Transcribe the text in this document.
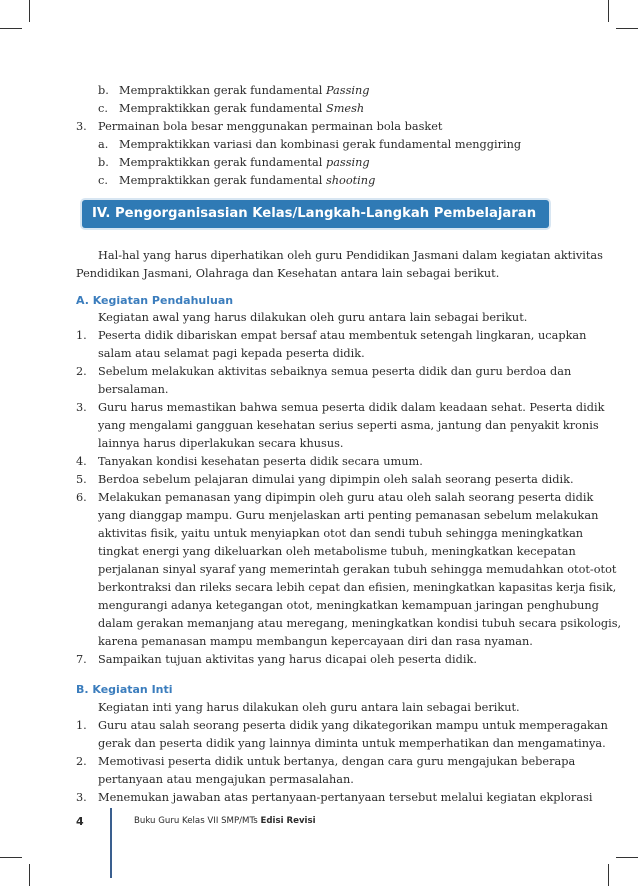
b. Mempraktikkan gerak fundamental Passing
c. Mempraktikkan gerak fundamental Smesh
3. Permainan bola besar menggunakan permainan bola basket
a. Mempraktikkan variasi dan kombinasi gerak fundamental menggiring
b. Mempraktikkan gerak fundamental passing
c. Mempraktikkan gerak fundamental shooting
IV. Pengorganisasian Kelas/Langkah-Langkah Pembelajaran
Hal-hal yang harus diperhatikan oleh guru Pendidikan Jasmani dalam kegiatan aktivitas
Pendidikan Jasmani, Olahraga dan Kesehatan antara lain sebagai berikut.
A. Kegiatan Pendahuluan
Kegiatan awal yang harus dilakukan oleh guru antara lain sebagai berikut.
1. Peserta didik dibariskan empat bersaf atau membentuk setengah lingkaran, ucapkan
salam atau selamat pagi kepada peserta didik.
2. Sebelum melakukan aktivitas sebaiknya semua peserta didik dan guru berdoa dan
bersalaman.
3. Guru harus memastikan bahwa semua peserta didik dalam keadaan sehat. Peserta didik
yang mengalami gangguan kesehatan serius seperti asma, jantung dan penyakit kronis
lainnya harus diperlakukan secara khusus.
4. Tanyakan kondisi kesehatan peserta didik secara umum.
5. Berdoa sebelum pelajaran dimulai yang dipimpin oleh salah seorang peserta didik.
6. Melakukan pemanasan yang dipimpin oleh guru atau oleh salah seorang peserta didik
yang dianggap mampu. Guru menjelaskan arti penting pemanasan sebelum melakukan
aktivitas fisik, yaitu untuk menyiapkan otot dan sendi tubuh sehingga meningkatkan
tingkat energi yang dikeluarkan oleh metabolisme tubuh, meningkatkan kecepatan
perjalanan sinyal syaraf yang memerintah gerakan tubuh sehingga memudahkan otot-otot
berkontraksi dan rileks secara lebih cepat dan efisien, meningkatkan kapasitas kerja fisik,
mengurangi adanya ketegangan otot, meningkatkan kemampuan jaringan penghubung
dalam gerakan memanjang atau meregang, meningkatkan kondisi tubuh secara psikologis,
karena pemanasan mampu membangun kepercayaan diri dan rasa nyaman.
7. Sampaikan tujuan aktivitas yang harus dicapai oleh peserta didik.
B. Kegiatan Inti
Kegiatan inti yang harus dilakukan oleh guru antara lain sebagai berikut.
1. Guru atau salah seorang peserta didik yang dikategorikan mampu untuk memperagakan
gerak dan peserta didik yang lainnya diminta untuk memperhatikan dan mengamatinya.
2. Memotivasi peserta didik untuk bertanya, dengan cara guru mengajukan beberapa
pertanyaan atau mengajukan permasalahan.
3. Menemukan jawaban atas pertanyaan-pertanyaan tersebut melalui kegiatan ekplorasi
4	Buku Guru Kelas VII SMP/MTs Edisi Revisi
